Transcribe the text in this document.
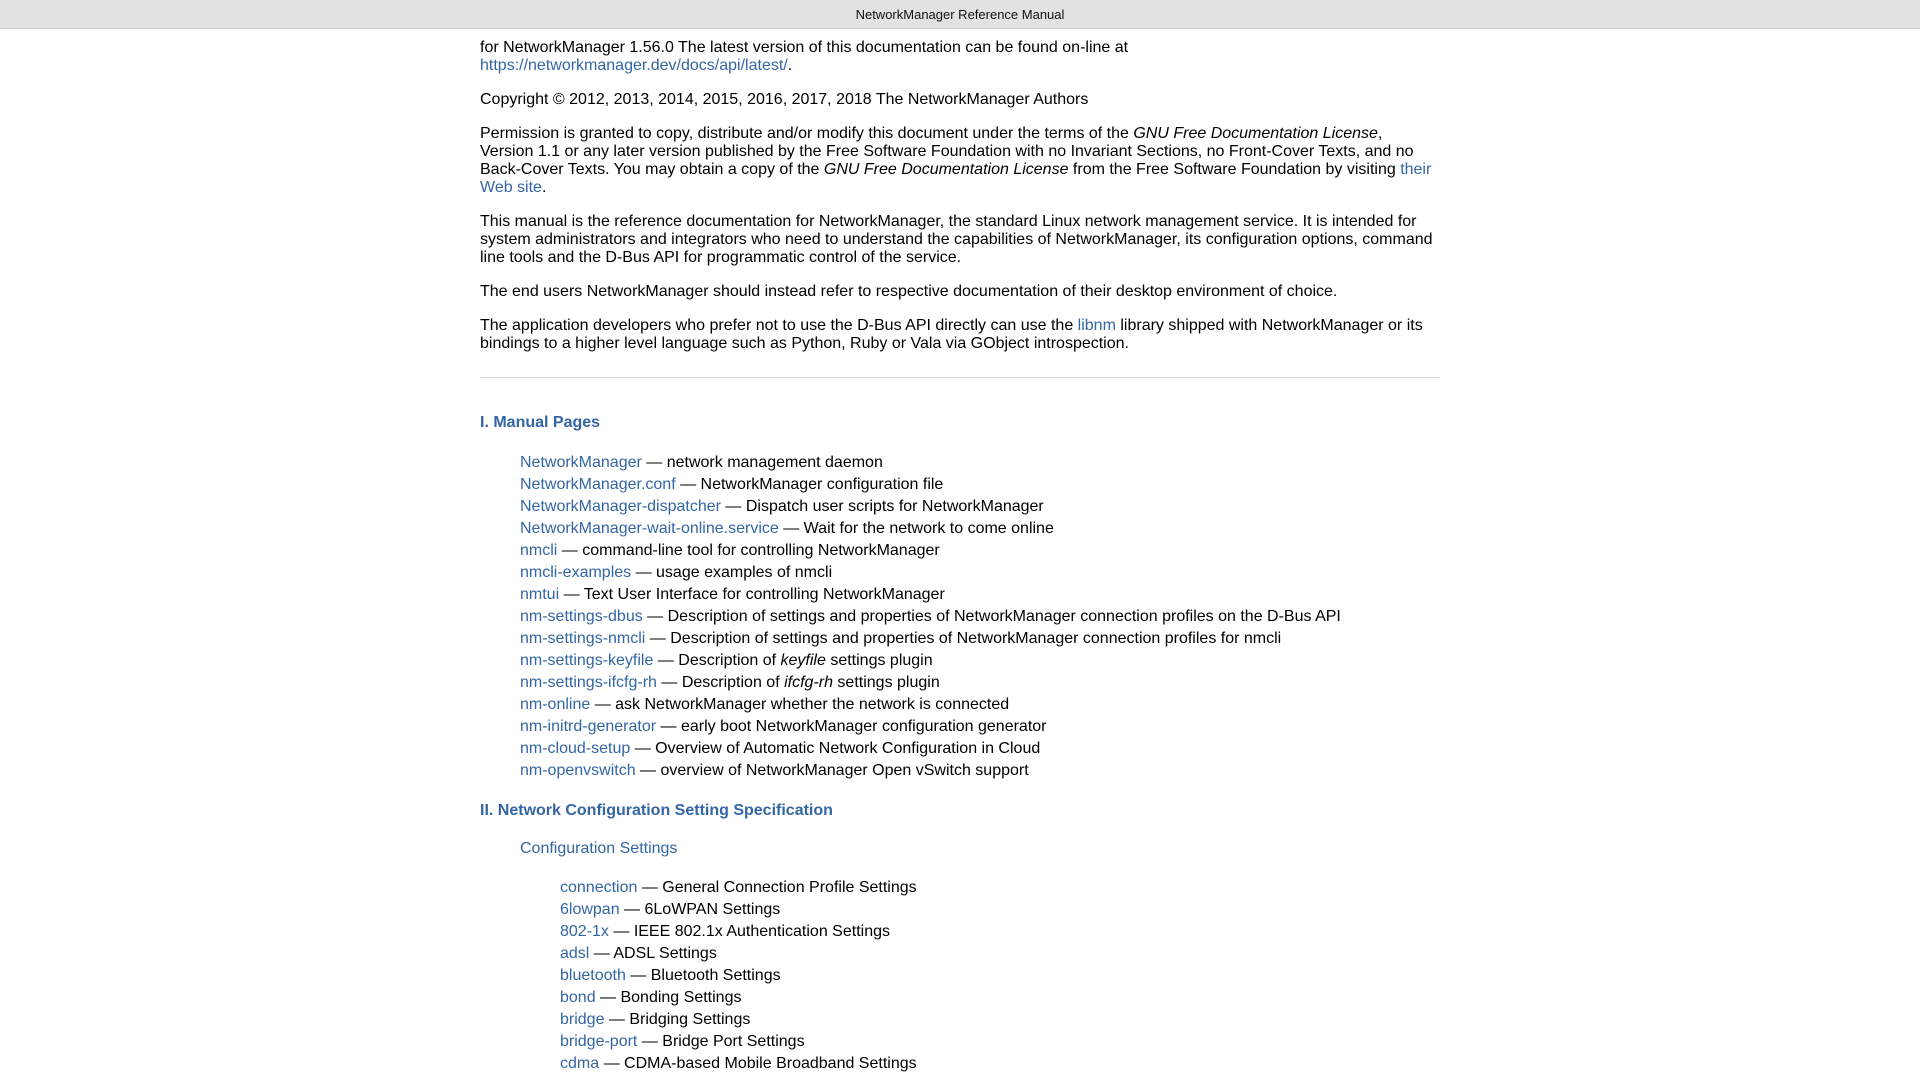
NetworkManager Reference Manual

for NetworkManager 1.56.0 The latest version of this documentation can be found on-line at https://networkmanager.dev/docs/api/latest/.

Copyright © 2012, 2013, 2014, 2015, 2016, 2017, 2018 The NetworkManager Authors

Permission is granted to copy, distribute and/or modify this document under the terms of the GNU Free Documentation License, Version 1.1 or any later version published by the Free Software Foundation with no Invariant Sections, no Front-Cover Texts, and no Back-Cover Texts. You may obtain a copy of the GNU Free Documentation License from the Free Software Foundation by visiting their Web site.

This manual is the reference documentation for NetworkManager, the standard Linux network management service. It is intended for system administrators and integrators who need to understand the capabilities of NetworkManager, its configuration options, command line tools and the D-Bus API for programmatic control of the service.

The end users NetworkManager should instead refer to respective documentation of their desktop environment of choice.

The application developers who prefer not to use the D-Bus API directly can use the libnm library shipped with NetworkManager or its bindings to a higher level language such as Python, Ruby or Vala via GObject introspection.

I. Manual Pages
NetworkManager — network management daemon
NetworkManager.conf — NetworkManager configuration file
NetworkManager-dispatcher — Dispatch user scripts for NetworkManager
NetworkManager-wait-online.service — Wait for the network to come online
nmcli — command-line tool for controlling NetworkManager
nmcli-examples — usage examples of nmcli
nmtui — Text User Interface for controlling NetworkManager
nm-settings-dbus — Description of settings and properties of NetworkManager connection profiles on the D-Bus API
nm-settings-nmcli — Description of settings and properties of NetworkManager connection profiles for nmcli
nm-settings-keyfile — Description of keyfile settings plugin
nm-settings-ifcfg-rh — Description of ifcfg-rh settings plugin
nm-online — ask NetworkManager whether the network is connected
nm-initrd-generator — early boot NetworkManager configuration generator
nm-cloud-setup — Overview of Automatic Network Configuration in Cloud
nm-openvswitch — overview of NetworkManager Open vSwitch support
II. Network Configuration Setting Specification
Configuration Settings
connection — General Connection Profile Settings
6lowpan — 6LoWPAN Settings
802-1x — IEEE 802.1x Authentication Settings
adsl — ADSL Settings
bluetooth — Bluetooth Settings
bond — Bonding Settings
bridge — Bridging Settings
bridge-port — Bridge Port Settings
cdma — CDMA-based Mobile Broadband Settings
